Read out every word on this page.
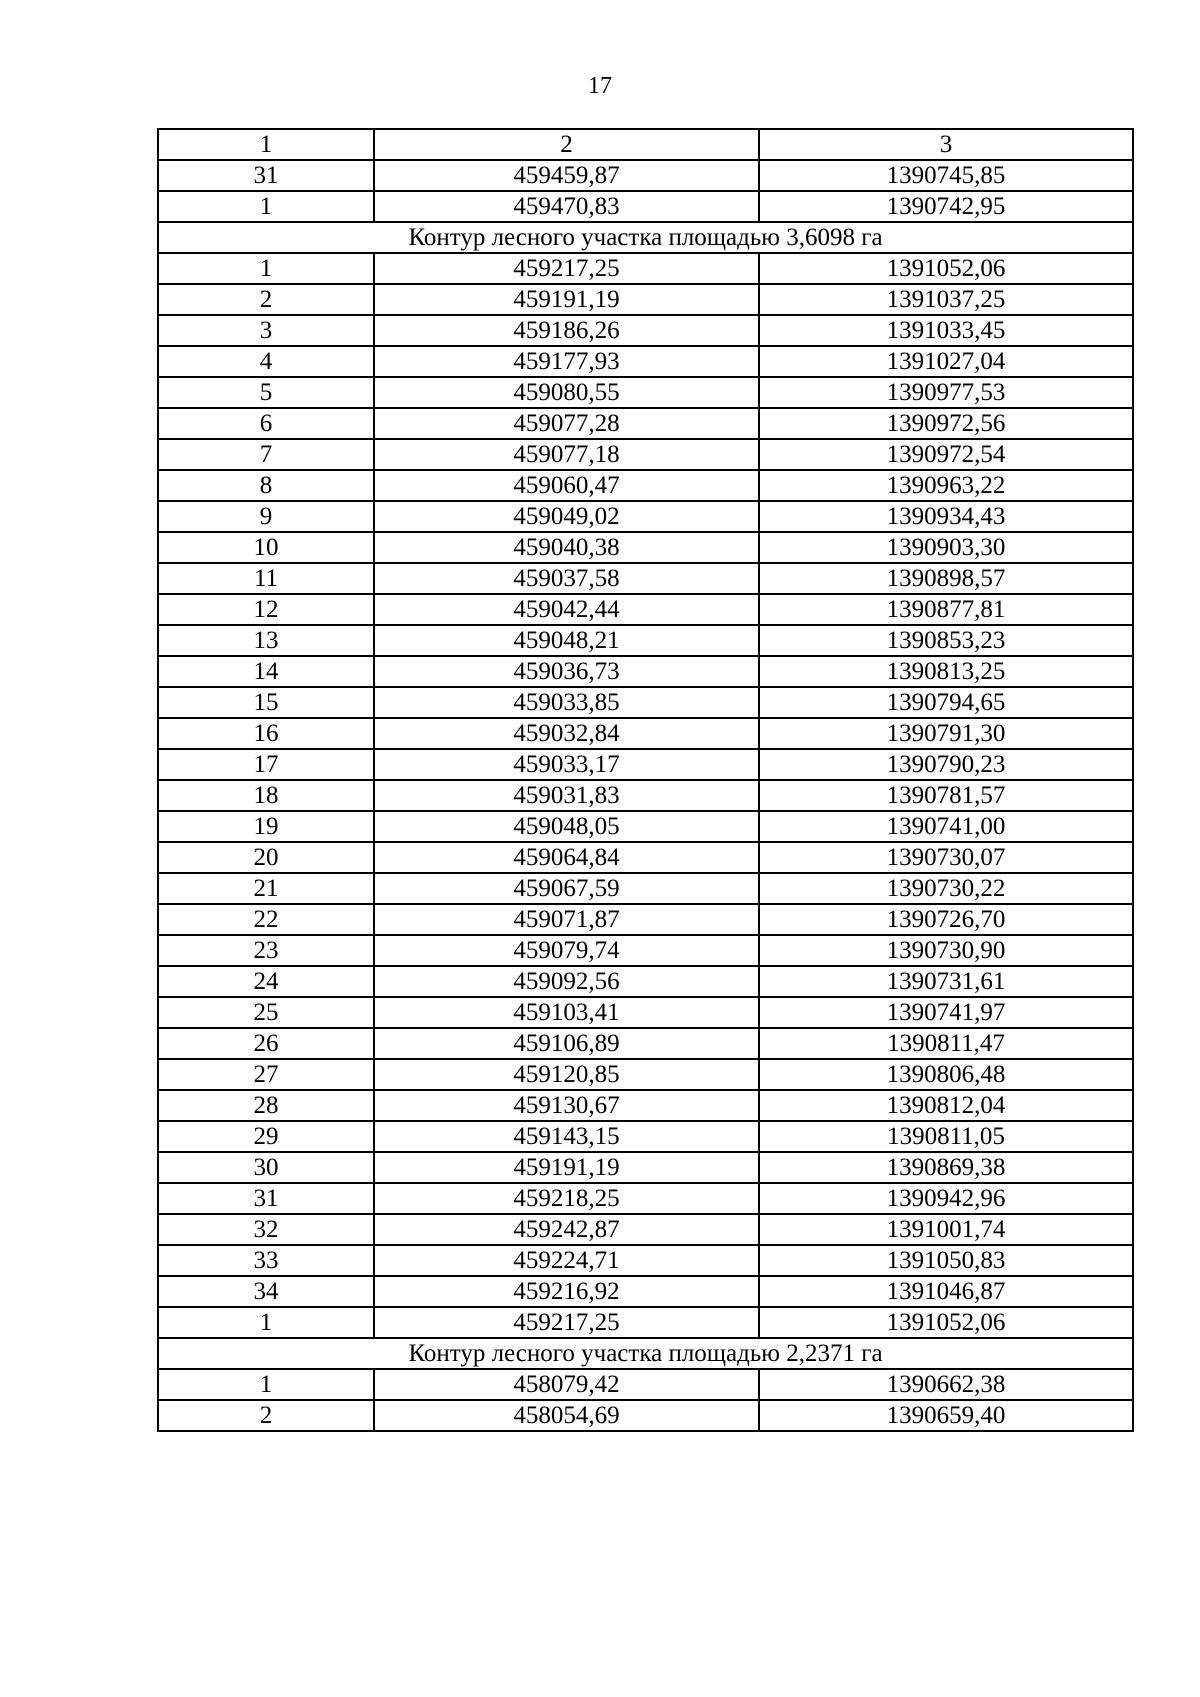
17
1	2	3
31	459459,87	1390745,85
1	459470,83	1390742,95
Контур лесного участка площадью 3,6098 га		
1	459217,25	1391052,06
2	459191,19	1391037,25
3	459186,26	1391033,45
4	459177,93	1391027,04
5	459080,55	1390977,53
6	459077,28	1390972,56
7	459077,18	1390972,54
8	459060,47	1390963,22
9	459049,02	1390934,43
10	459040,38	1390903,30
11	459037,58	1390898,57
12	459042,44	1390877,81
13	459048,21	1390853,23
14	459036,73	1390813,25
15	459033,85	1390794,65
16	459032,84	1390791,30
17	459033,17	1390790,23
18	459031,83	1390781,57
19	459048,05	1390741,00
20	459064,84	1390730,07
21	459067,59	1390730,22
22	459071,87	1390726,70
23	459079,74	1390730,90
24	459092,56	1390731,61
25	459103,41	1390741,97
26	459106,89	1390811,47
27	459120,85	1390806,48
28	459130,67	1390812,04
29	459143,15	1390811,05
30	459191,19	1390869,38
31	459218,25	1390942,96
32	459242,87	1391001,74
33	459224,71	1391050,83
34	459216,92	1391046,87
1	459217,25	1391052,06
Контур лесного участка площадью 2,2371 га		
1	458079,42	1390662,38
2	458054,69	1390659,40
